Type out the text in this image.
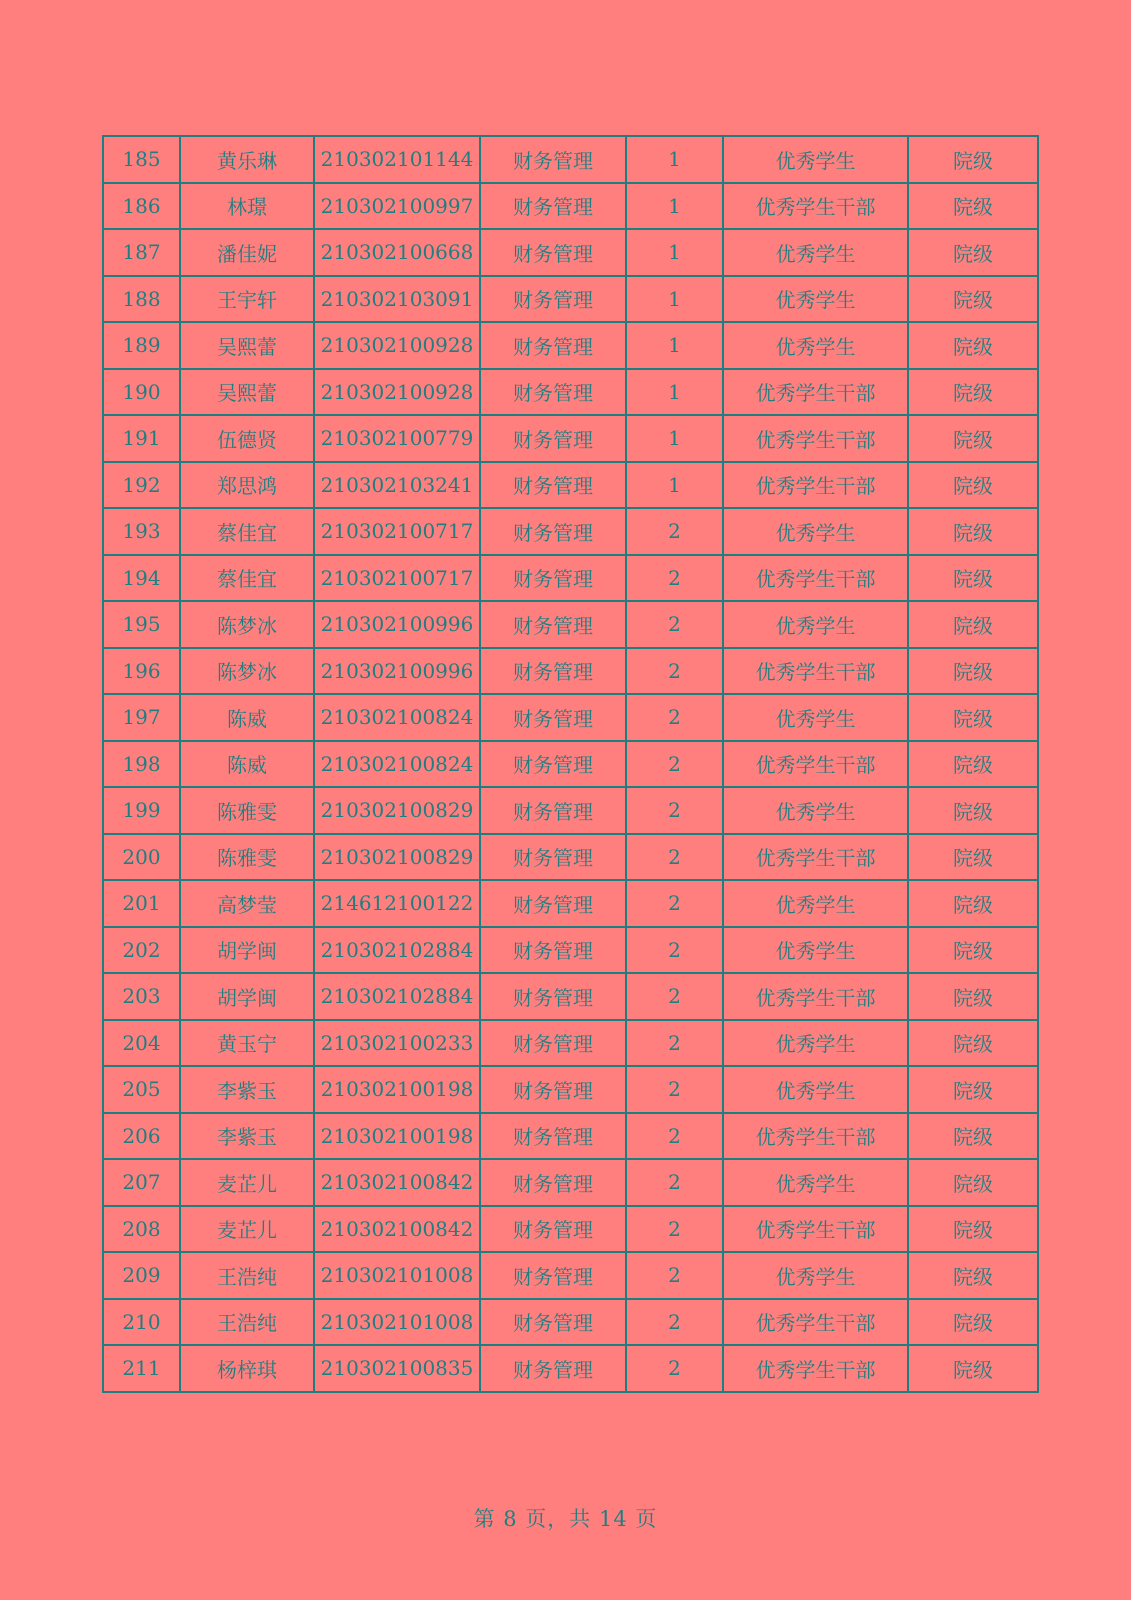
185	黄乐琳	210302101144	财务管理	1	优秀学生	院级
186	林璟	210302100997	财务管理	1	优秀学生干部	院级
187	潘佳妮	210302100668	财务管理	1	优秀学生	院级
188	王宇轩	210302103091	财务管理	1	优秀学生	院级
189	吴熙蕾	210302100928	财务管理	1	优秀学生	院级
190	吴熙蕾	210302100928	财务管理	1	优秀学生干部	院级
191	伍德贤	210302100779	财务管理	1	优秀学生干部	院级
192	郑思鸿	210302103241	财务管理	1	优秀学生干部	院级
193	蔡佳宜	210302100717	财务管理	2	优秀学生	院级
194	蔡佳宜	210302100717	财务管理	2	优秀学生干部	院级
195	陈梦冰	210302100996	财务管理	2	优秀学生	院级
196	陈梦冰	210302100996	财务管理	2	优秀学生干部	院级
197	陈威	210302100824	财务管理	2	优秀学生	院级
198	陈威	210302100824	财务管理	2	优秀学生干部	院级
199	陈雅雯	210302100829	财务管理	2	优秀学生	院级
200	陈雅雯	210302100829	财务管理	2	优秀学生干部	院级
201	高梦莹	214612100122	财务管理	2	优秀学生	院级
202	胡学闽	210302102884	财务管理	2	优秀学生	院级
203	胡学闽	210302102884	财务管理	2	优秀学生干部	院级
204	黄玉宁	210302100233	财务管理	2	优秀学生	院级
205	李紫玉	210302100198	财务管理	2	优秀学生	院级
206	李紫玉	210302100198	财务管理	2	优秀学生干部	院级
207	麦芷儿	210302100842	财务管理	2	优秀学生	院级
208	麦芷儿	210302100842	财务管理	2	优秀学生干部	院级
209	王浩纯	210302101008	财务管理	2	优秀学生	院级
210	王浩纯	210302101008	财务管理	2	优秀学生干部	院级
211	杨梓琪	210302100835	财务管理	2	优秀学生干部	院级
第 8 页，共 14 页
